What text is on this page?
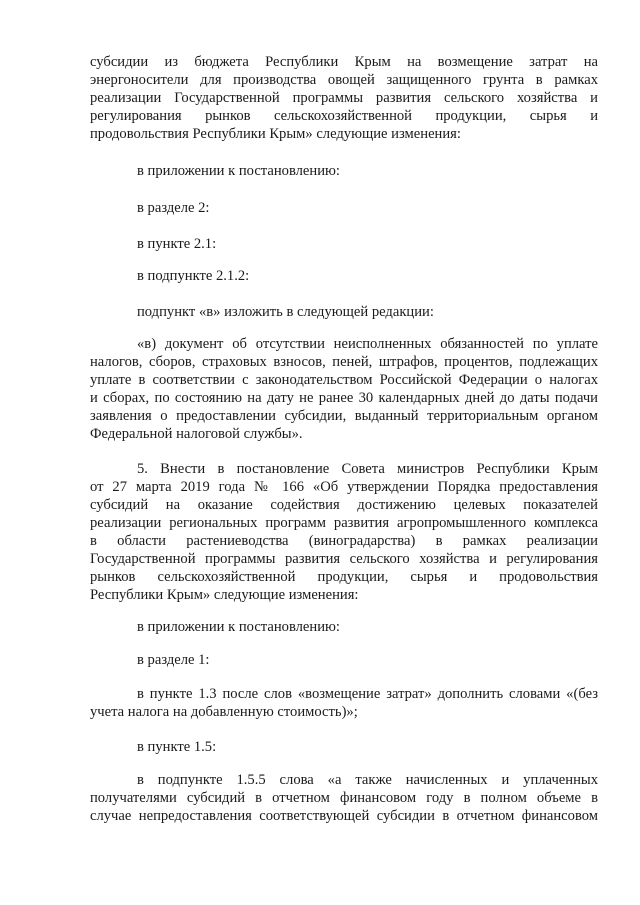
субсидии из бюджета Республики Крым на возмещение затрат на

энергоносители для производства овощей защищенного грунта в рамках

реализации Государственной программы развития сельского хозяйства и

регулирования рынков сельскохозяйственной продукции, сырья и

продовольствия Республики Крым» следующие изменения:

в приложении к постановлению:

в разделе 2:

в пункте 2.1:

в подпункте 2.1.2:

подпункт «в» изложить в следующей редакции:

«в) документ об отсутствии неисполненных обязанностей по уплате

налогов, сборов, страховых взносов, пеней, штрафов, процентов, подлежащих

уплате в соответствии с законодательством Российской Федерации о налогах

и сборах, по состоянию на дату не ранее 30 календарных дней до даты подачи

заявления о предоставлении субсидии, выданный территориальным органом

Федеральной налоговой службы».

5. Внести в постановление Совета министров Республики Крым

от 27 марта 2019 года № 166 «Об утверждении Порядка предоставления

субсидий на оказание содействия достижению целевых показателей

реализации региональных программ развития агропромышленного комплекса

в области растениеводства (виноградарства) в рамках реализации

Государственной программы развития сельского хозяйства и регулирования

рынков сельскохозяйственной продукции, сырья и продовольствия

Республики Крым» следующие изменения:

в приложении к постановлению:

в разделе 1:

в пункте 1.3 после слов «возмещение затрат» дополнить словами «(без

учета налога на добавленную стоимость)»;

в пункте 1.5:

в подпункте 1.5.5 слова «а также начисленных и уплаченных

получателями субсидий в отчетном финансовом году в полном объеме в

случае непредоставления соответствующей субсидии в отчетном финансовом
